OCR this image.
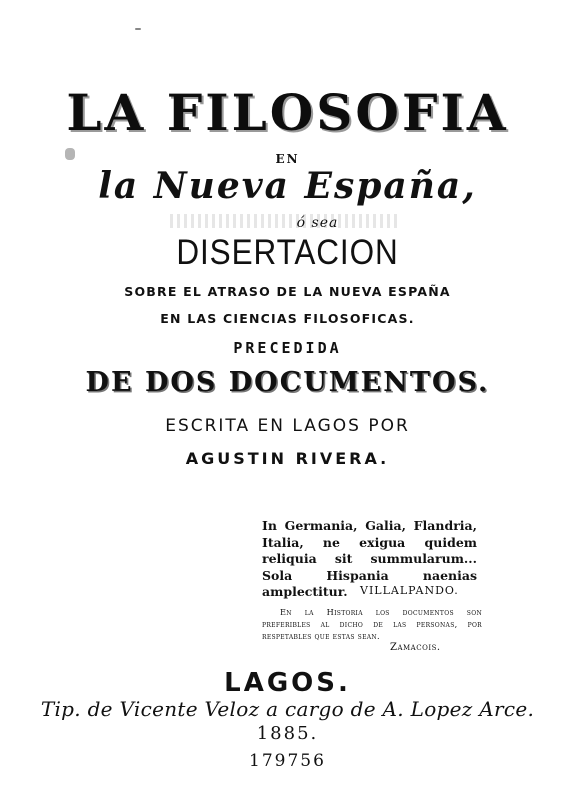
LA FILOSOFIA
EN
la Nueva España,
ó sea
DISERTACION
SOBRE EL ATRASO DE LA NUEVA ESPAÑA
EN LAS CIENCIAS FILOSOFICAS.
PRECEDIDA
DE DOS DOCUMENTOS.
ESCRITA EN LAGOS POR
AGUSTIN RIVERA.
In Germania, Galia, Flandria, Italia, ne exigua quidem reliquia sit summularum... Sola Hispania naenias amplectitur.	VILLALPANDO.
En la Historia los documentos son preferibles al dicho de las personas, por respetables que estas sean.
Zamacois.
LAGOS.
Tip. de Vicente Veloz a cargo de A. Lopez Arce.
1885.
179756
